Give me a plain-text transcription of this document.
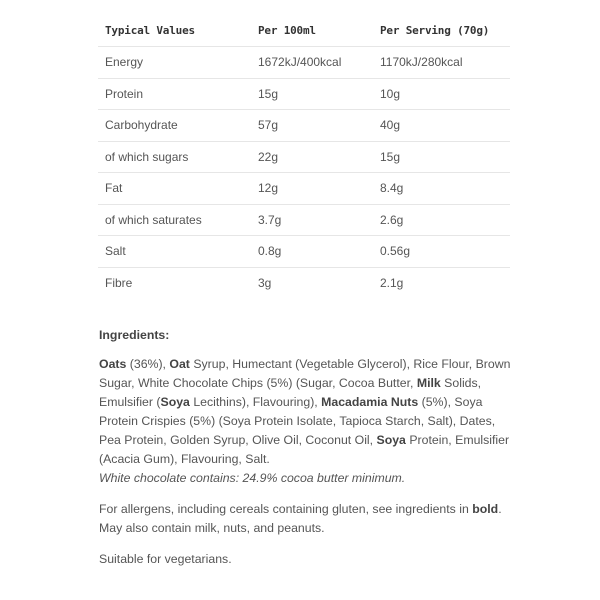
Typical Values	Per 100ml	Per Serving (70g)
Energy	1672kJ/400kcal	1170kJ/280kcal
Protein	15g	10g
Carbohydrate	57g	40g
of which sugars	22g	15g
Fat	12g	8.4g
of which saturates	3.7g	2.6g
Salt	0.8g	0.56g
Fibre	3g	2.1g

Ingredients:

Oats (36%), Oat Syrup, Humectant (Vegetable Glycerol), Rice Flour, Brown Sugar, White Chocolate Chips (5%) (Sugar, Cocoa Butter, Milk Solids, Emulsifier (Soya Lecithins), Flavouring), Macadamia Nuts (5%), Soya Protein Crispies (5%) (Soya Protein Isolate, Tapioca Starch, Salt), Dates, Pea Protein, Golden Syrup, Olive Oil, Coconut Oil, Soya Protein, Emulsifier (Acacia Gum), Flavouring, Salt.

White chocolate contains: 24.9% cocoa butter minimum.

For allergens, including cereals containing gluten, see ingredients in bold. May also contain milk, nuts, and peanuts.

Suitable for vegetarians.
